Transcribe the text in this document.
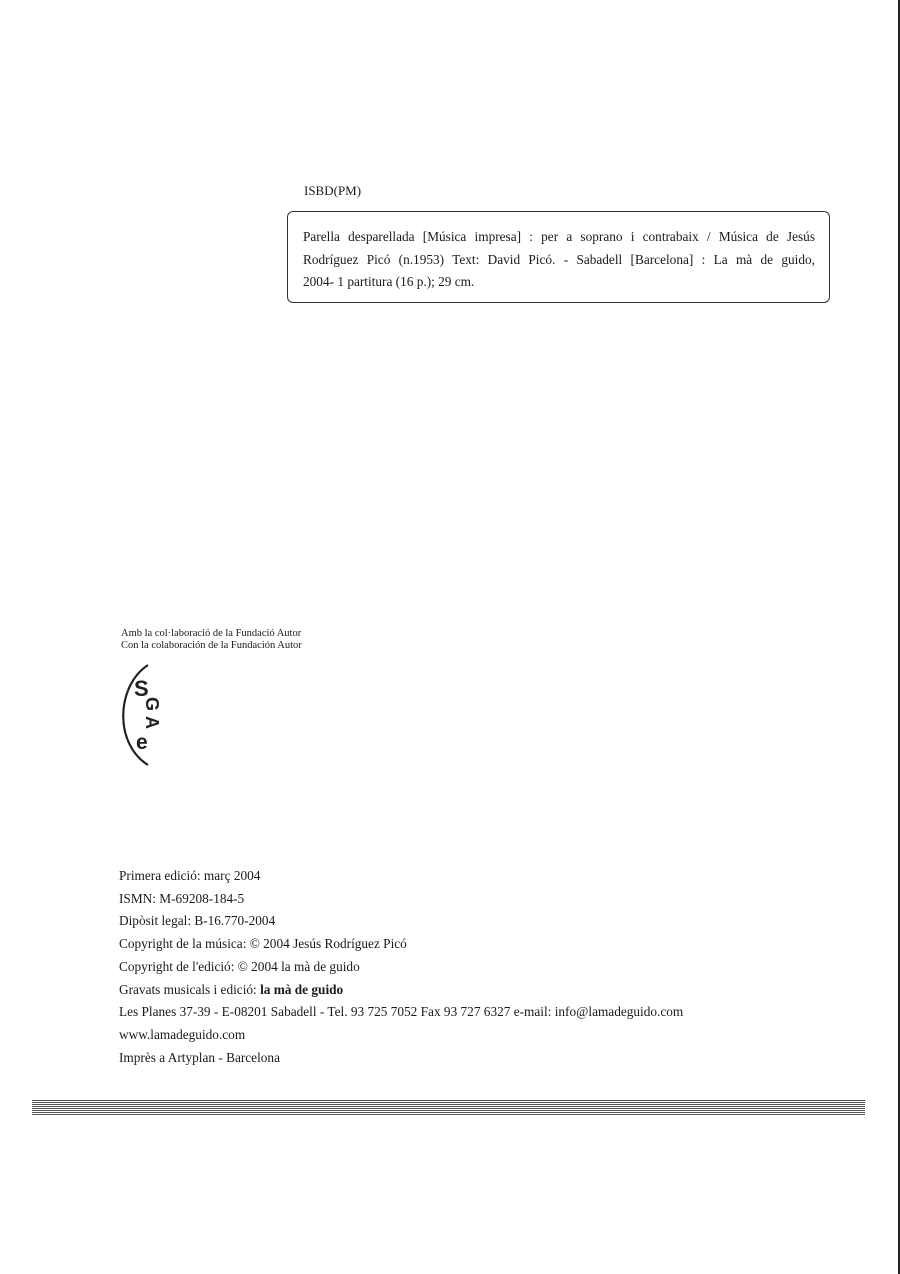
ISBD(PM)

Parella desparellada [Música impresa] : per a soprano i contrabaix / Música de Jesús
Rodríguez Picó (n.1953) Text: David Picó. - Sabadell [Barcelona] : La mà de guido,
2004- 1 partitura (16 p.); 29 cm.
Amb la col·laboració de la Fundació Autor
Con la colaboración de la Fundación Autor
S
G
A
e
Primera edició: març 2004
ISMN: M-69208-184-5
Dipòsit legal: B-16.770-2004
Copyright de la música: © 2004 Jesús Rodríguez Picó
Copyright de l'edició: © 2004 la mà de guido
Gravats musicals i edició: la mà de guido
Les Planes 37-39 - E-08201 Sabadell - Tel. 93 725 7052 Fax 93 727 6327 e-mail: info@lamadeguido.com
www.lamadeguido.com
Imprès a Artyplan - Barcelona
